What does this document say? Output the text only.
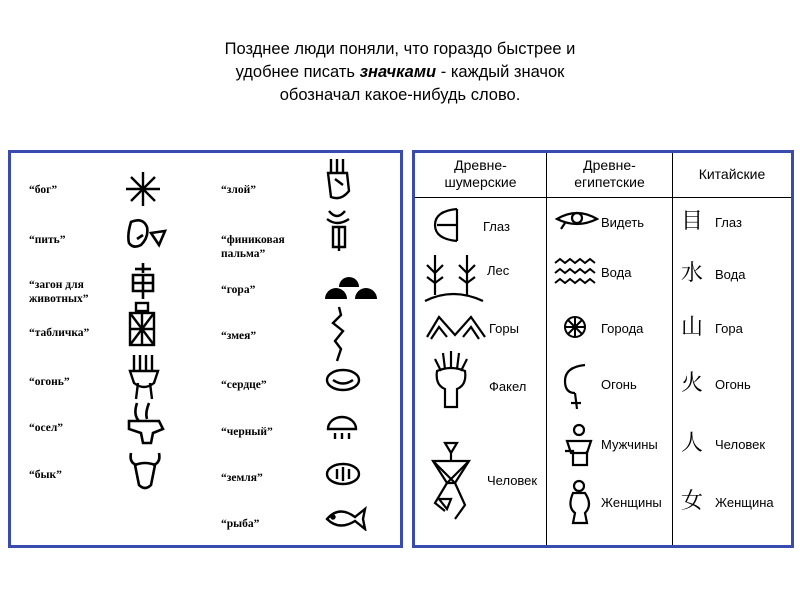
Позднее люди поняли, что гораздо быстрее и
удобнее писать значками - каждый значок
обозначал какое-нибудь слово.
“бог”
“пить”
“загон для
животных”
“табличка”
“огонь”
“осел”
“бык”
“злой”
“финиковая
пальма”
“гора”
“змея”
“сердце”
“черный”
“земля”
“рыба”
Древне-
шумерские
Древне-
египетские
Китайские
Глаз
Лес
Горы
Факел
Человек
Видеть
Вода
Города
Огонь
Мужчины
Женщины
目 Глаз
水 Вода
山 Гора
火 Огонь
人 Человек
女 Женщина
